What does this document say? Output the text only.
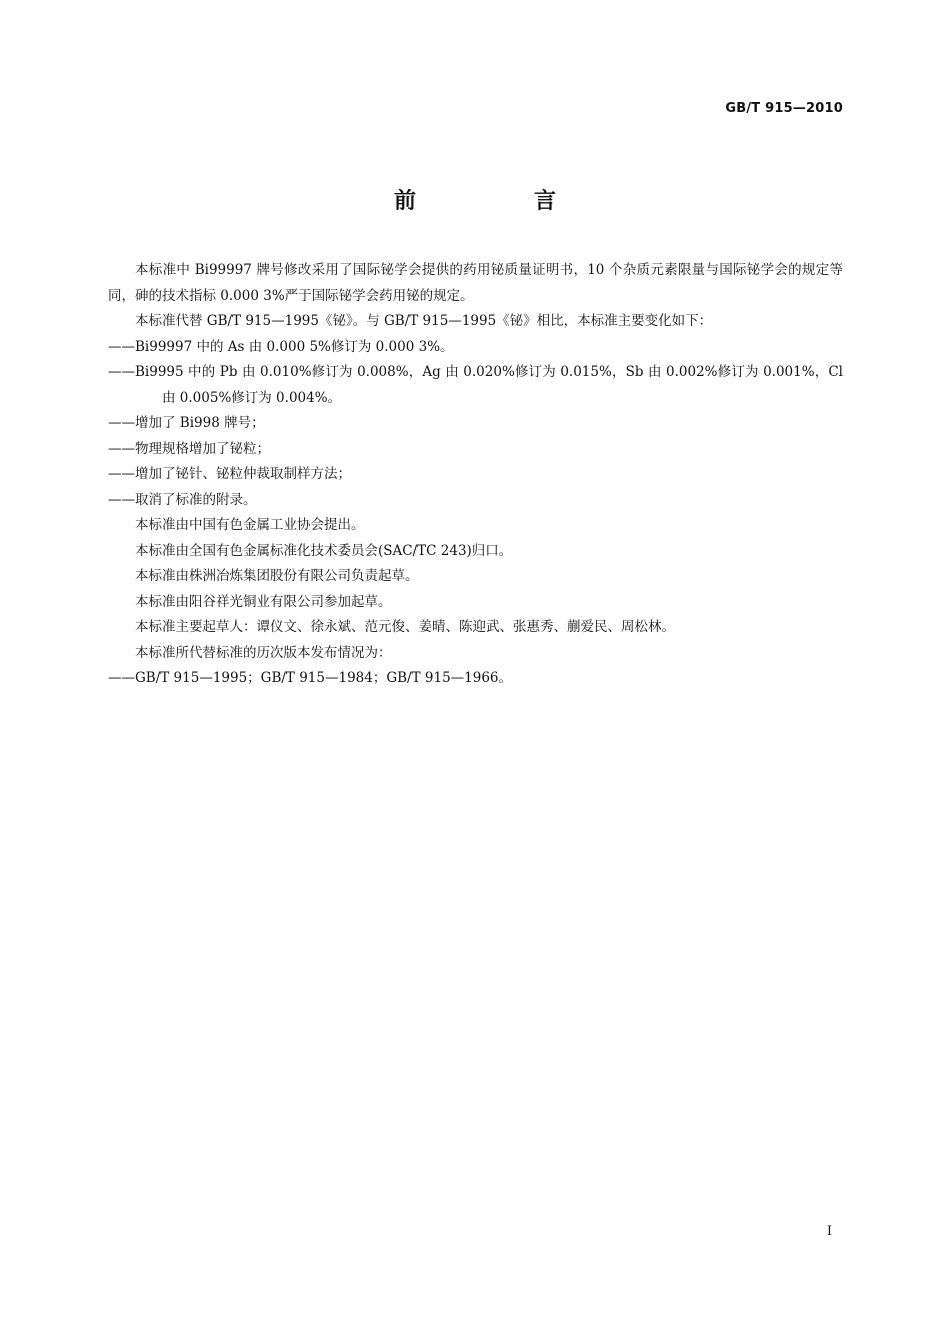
GB/T 915—2010
前　言

本标准中 Bi99997 牌号修改采用了国际铋学会提供的药用铋质量证明书，10 个杂质元素限量与国际铋学会的规定等同，砷的技术指标 0.000 3%严于国际铋学会药用铋的规定。

本标准代替 GB/T 915—1995《铋》。与 GB/T 915—1995《铋》相比，本标准主要变化如下：

——Bi99997 中的 As 由 0.000 5%修订为 0.000 3%。

——Bi9995 中的 Pb 由 0.010%修订为 0.008%，Ag 由 0.020%修订为 0.015%，Sb 由 0.002%修订为 0.001%，Cl 由 0.005%修订为 0.004%。

——增加了 Bi998 牌号；

——物理规格增加了铋粒；

——增加了铋针、铋粒仲裁取制样方法；

——取消了标准的附录。

本标准由中国有色金属工业协会提出。

本标准由全国有色金属标准化技术委员会(SAC/TC 243)归口。

本标准由株洲冶炼集团股份有限公司负责起草。

本标准由阳谷祥光铜业有限公司参加起草。

本标准主要起草人：谭仪文、徐永斌、范元俊、姜晴、陈迎武、张惠秀、蒯爱民、周松林。

本标准所代替标准的历次版本发布情况为：

——GB/T 915—1995；GB/T 915—1984；GB/T 915—1966。

Ⅰ
